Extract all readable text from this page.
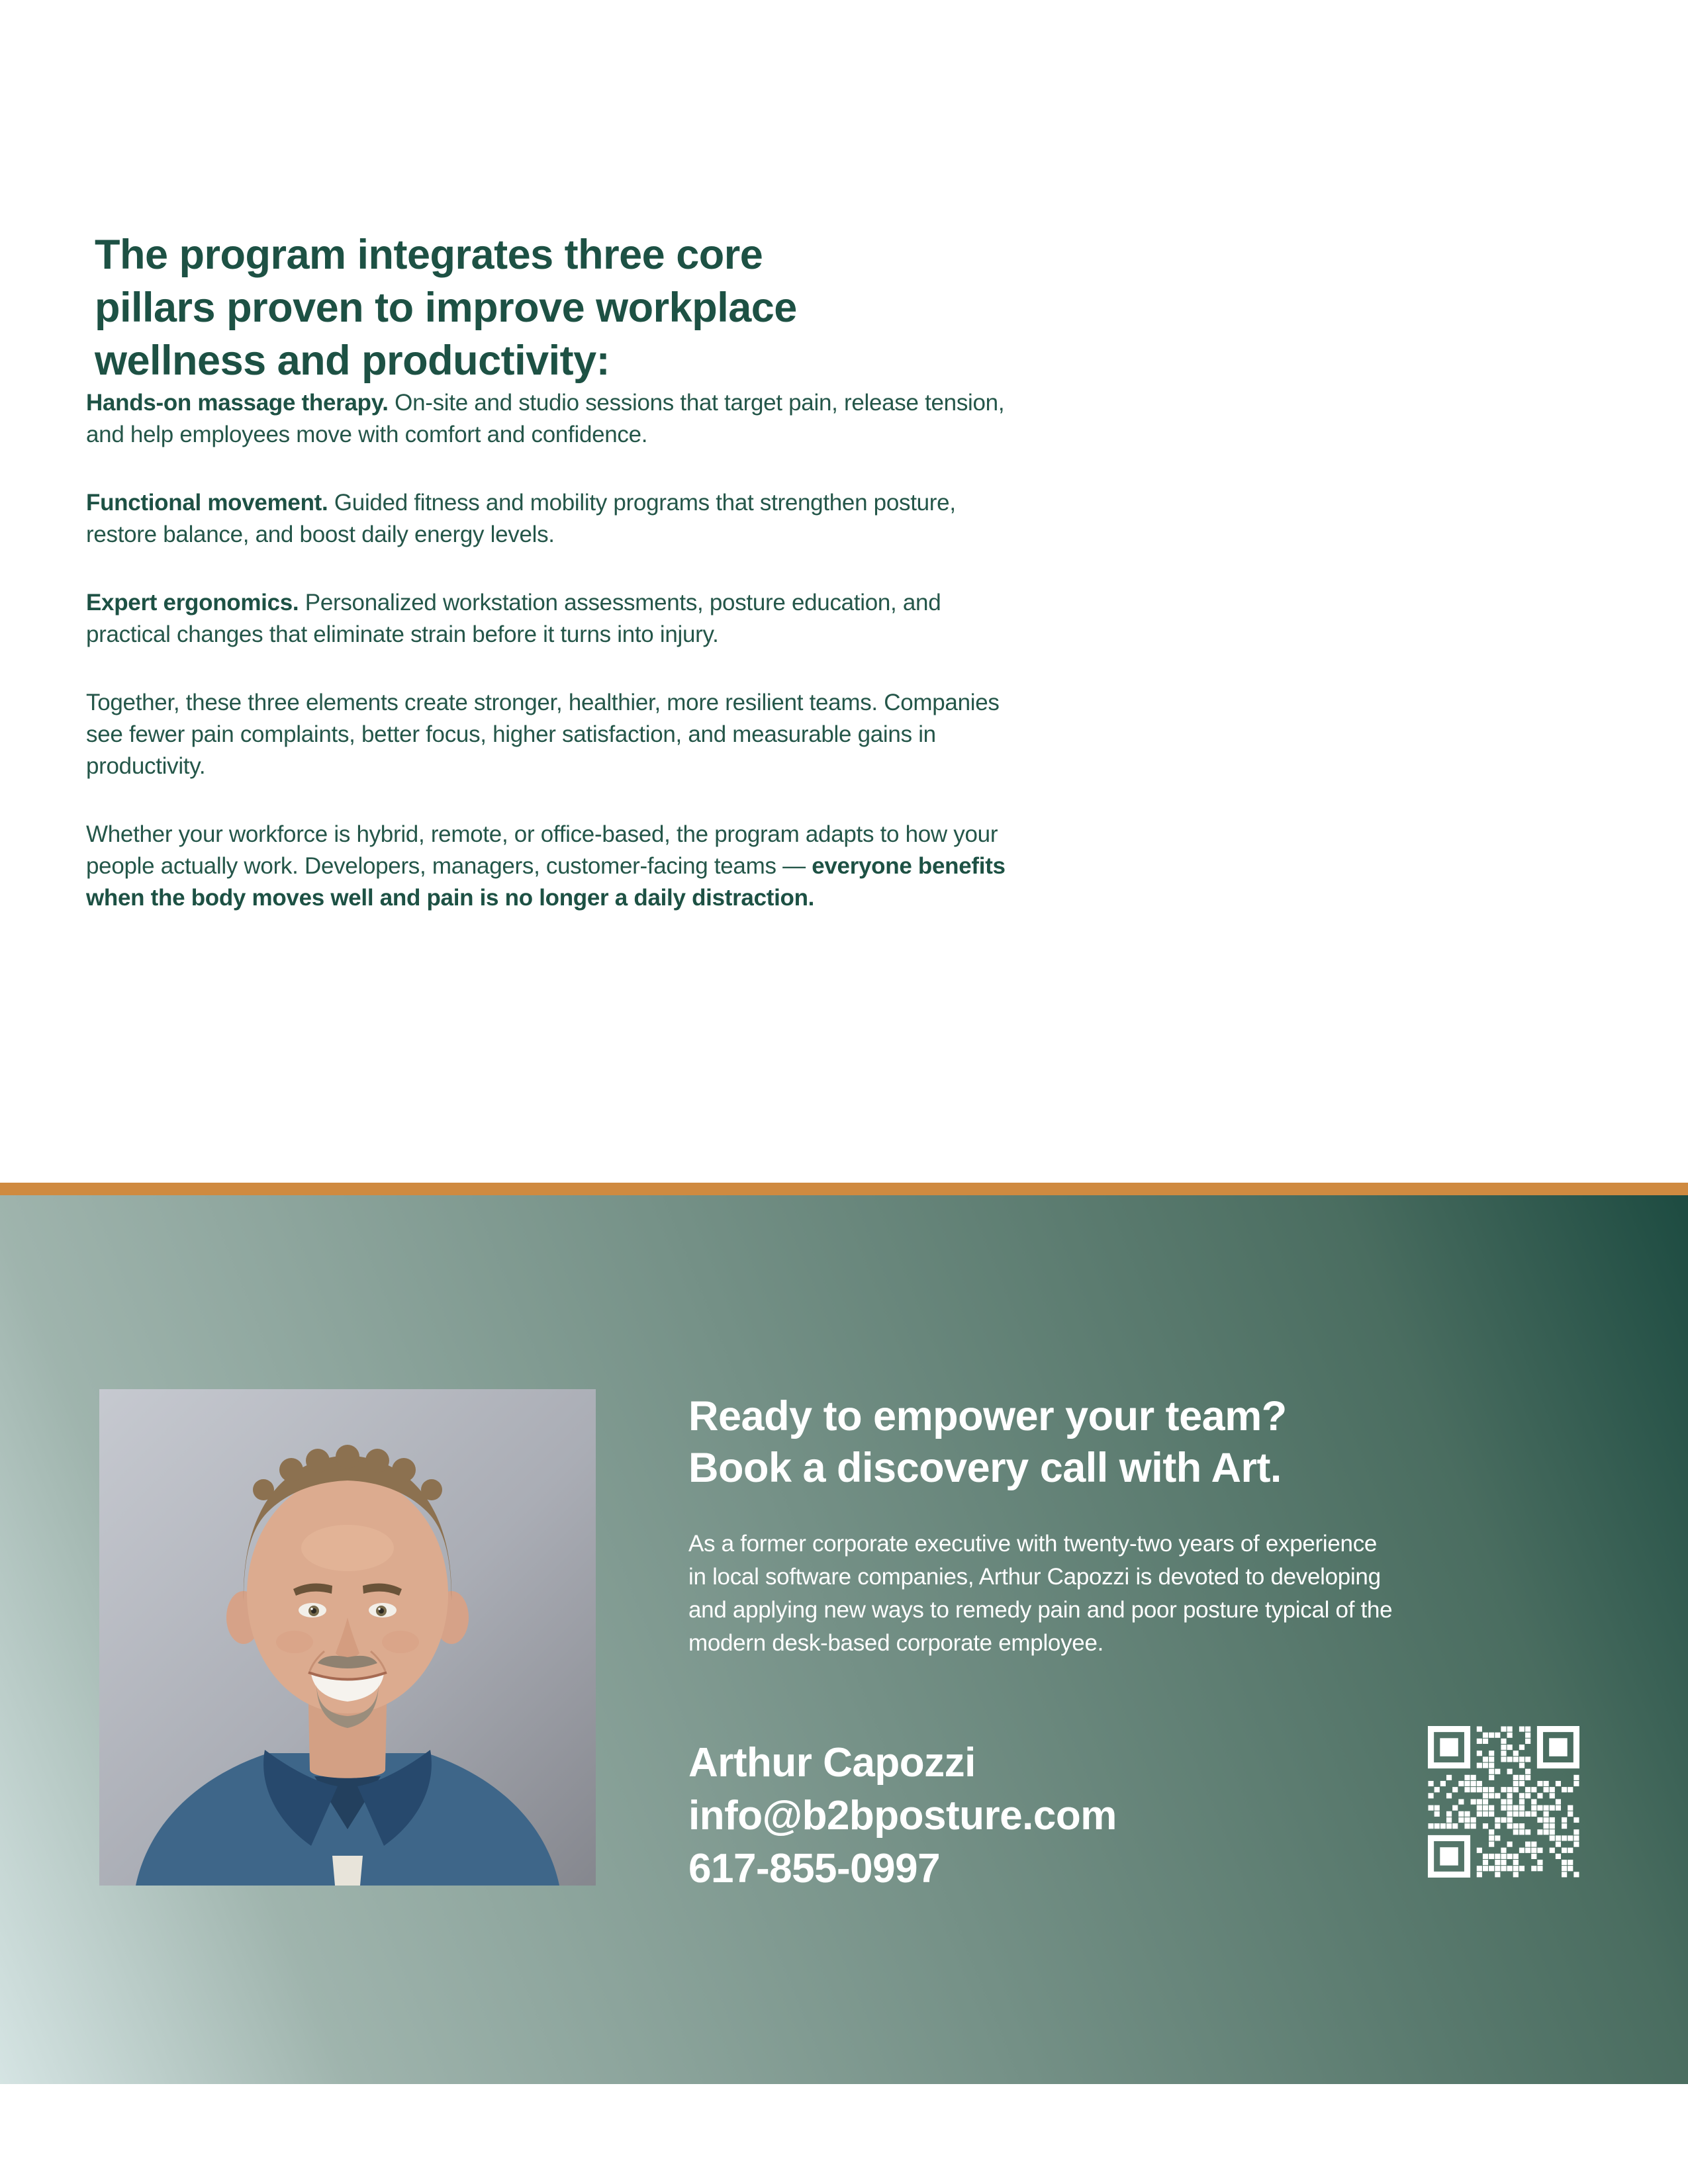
The program integrates three core
pillars proven to improve workplace
wellness and productivity:

Hands-on massage therapy. On-site and studio sessions that target pain, release tension, and help employees move with comfort and confidence.

Functional movement. Guided fitness and mobility programs that strengthen posture, restore balance, and boost daily energy levels.

Expert ergonomics. Personalized workstation assessments, posture education, and practical changes that eliminate strain before it turns into injury.

Together, these three elements create stronger, healthier, more resilient teams. Companies see fewer pain complaints, better focus, higher satisfaction, and measurable gains in productivity.

Whether your workforce is hybrid, remote, or office-based, the program adapts to how your people actually work. Developers, managers, customer-facing teams — everyone benefits when the body moves well and pain is no longer a daily distraction.

Ready to empower your team?
Book a discovery call with Art.
As a former corporate executive with twenty-two years of experience
in local software companies, Arthur Capozzi is devoted to developing
and applying new ways to remedy pain and poor posture typical of the
modern desk-based corporate employee.
Arthur Capozzi
info@b2bposture.com
617-855-0997
